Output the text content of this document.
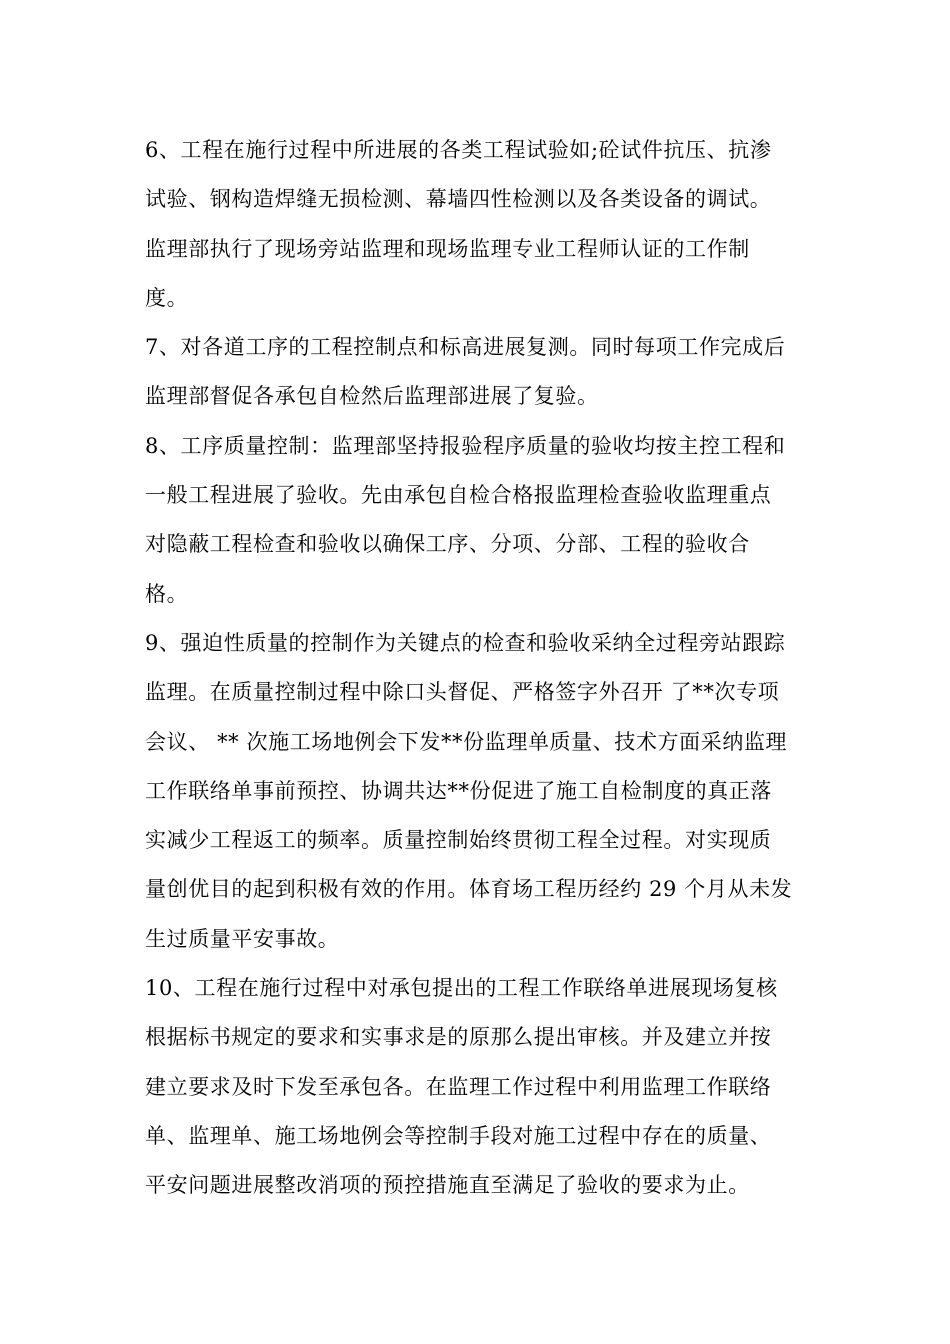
6、工程在施行过程中所进展的各类工程试验如;砼试件抗压、抗渗
试验、钢构造焊缝无损检测、幕墙四性检测以及各类设备的调试。
监理部执行了现场旁站监理和现场监理专业工程师认证的工作制
度。
7、对各道工序的工程控制点和标高进展复测。同时每项工作完成后
监理部督促各承包自检然后监理部进展了复验。
8、工序质量控制：监理部坚持报验程序质量的验收均按主控工程和
一般工程进展了验收。先由承包自检合格报监理检查验收监理重点
对隐蔽工程检查和验收以确保工序、分项、分部、工程的验收合
格。
9、强迫性质量的控制作为关键点的检查和验收采纳全过程旁站跟踪
监理。在质量控制过程中除口头督促、严格签字外召开 了**次专项
会议、 ** 次施工场地例会下发**份监理单质量、技术方面采纳监理
工作联络单事前预控、协调共达**份促进了施工自检制度的真正落
实减少工程返工的频率。质量控制始终贯彻工程全过程。对实现质
量创优目的起到积极有效的作用。体育场工程历经约 29 个月从未发
生过质量平安事故。
10、工程在施行过程中对承包提出的工程工作联络单进展现场复核
根据标书规定的要求和实事求是的原那么提出审核。并及建立并按
建立要求及时下发至承包各。在监理工作过程中利用监理工作联络
单、监理单、施工场地例会等控制手段对施工过程中存在的质量、
平安问题进展整改消项的预控措施直至满足了验收的要求为止。
